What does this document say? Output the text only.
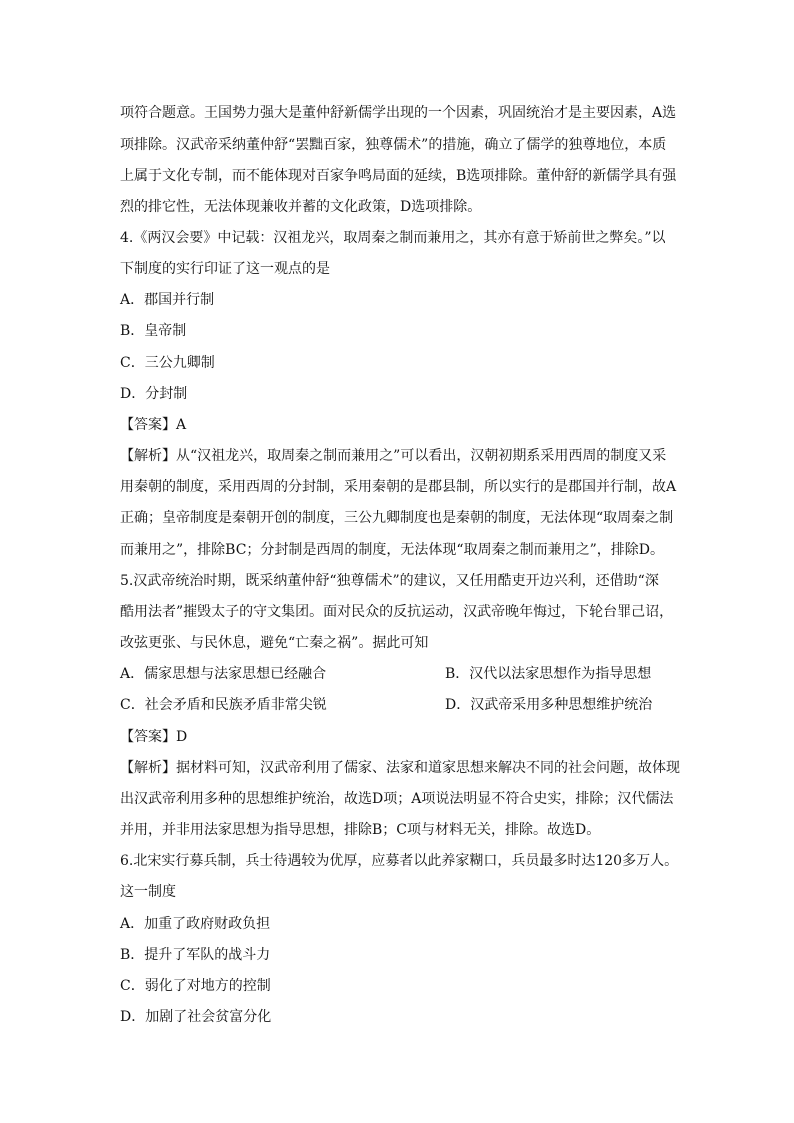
项符合题意。王国势力强大是董仲舒新儒学出现的一个因素，巩固统治才是主要因素，A选
项排除。汉武帝采纳董仲舒“罢黜百家，独尊儒术”的措施，确立了儒学的独尊地位，本质
上属于文化专制，而不能体现对百家争鸣局面的延续，B选项排除。董仲舒的新儒学具有强
烈的排它性，无法体现兼收并蓄的文化政策，D选项排除。
4.《两汉会要》中记载：汉祖龙兴，取周秦之制而兼用之，其亦有意于矫前世之弊矣。”以
下制度的实行印证了这一观点的是
A．郡国并行制
B．皇帝制
C．三公九卿制
D．分封制
【答案】A
【解析】从“汉祖龙兴，取周秦之制而兼用之”可以看出，汉朝初期系采用西周的制度又采
用秦朝的制度，采用西周的分封制，采用秦朝的是郡县制，所以实行的是郡国并行制，故A
正确；皇帝制度是秦朝开创的制度，三公九卿制度也是秦朝的制度，无法体现“取周秦之制
而兼用之”，排除BC；分封制是西周的制度，无法体现“取周秦之制而兼用之”，排除D。
5.汉武帝统治时期，既采纳董仲舒“独尊儒术”的建议，又任用酷吏开边兴利，还借助“深
酷用法者”摧毁太子的守文集团。面对民众的反抗运动，汉武帝晚年悔过，下轮台罪己诏，
改弦更张、与民休息，避免“亡秦之祸”。据此可知
A．儒家思想与法家思想已经融合	B．汉代以法家思想作为指导思想
C．社会矛盾和民族矛盾非常尖锐	D．汉武帝采用多种思想维护统治
【答案】D
【解析】据材料可知，汉武帝利用了儒家、法家和道家思想来解决不同的社会问题，故体现
出汉武帝利用多种的思想维护统治，故选D项；A项说法明显不符合史实，排除；汉代儒法
并用，并非用法家思想为指导思想，排除B；C项与材料无关，排除。故选D。
6.北宋实行募兵制，兵士待遇较为优厚，应募者以此养家糊口，兵员最多时达120多万人。
这一制度
A．加重了政府财政负担
B．提升了军队的战斗力
C．弱化了对地方的控制
D．加剧了社会贫富分化
